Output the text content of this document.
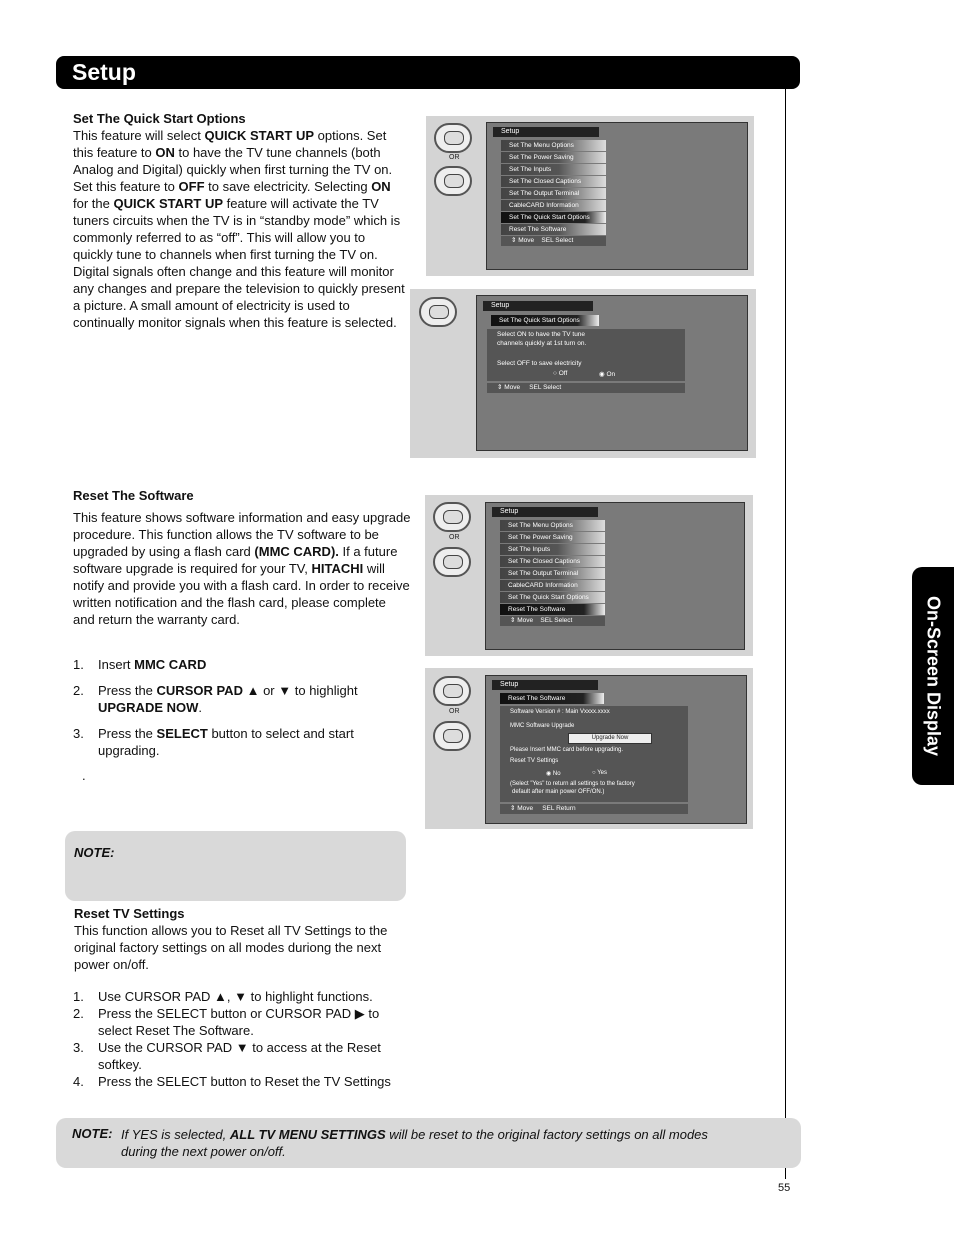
Setup
On-Screen Display
Set The Quick Start Options
This feature will select QUICK START UP options. Set this feature to ON to have the TV tune channels (both Analog and Digital) quickly when first turning the TV on. Set this feature to OFF to save electricity. Selecting ON for the QUICK START UP feature will activate the TV tuners circuits when the TV is in “standby mode” which is commonly referred to as “off”. This will allow you to quickly tune to channels when first turning the TV on. Digital signals often change and this feature will monitor any changes and prepare the television to quickly present a picture. A small amount of electricity is used to continually monitor signals when this feature is selected.
Reset The Software
This feature shows software information and easy upgrade procedure. This function allows the TV software to be upgraded by using a flash card (MMC CARD). If a future software upgrade is required for your TV, HITACHI will notify and provide you with a flash card. In order to receive written notification and the flash card, please complete and return the warranty card.
1. Insert MMC CARD
2. Press the CURSOR PAD ▲ or ▼ to highlight UPGRADE NOW.
3. Press the SELECT button to select and start upgrading.
.
NOTE:
Reset TV Settings
This function allows you to Reset all TV Settings to the original factory settings on all modes duriong the next power on/off.
1. Use CURSOR PAD ▲, ▼ to highlight functions.
2. Press the SELECT button or CURSOR PAD ▶ to select Reset The Software.
3. Use the CURSOR PAD ▼ to access at the Reset softkey.
4. Press the SELECT button to Reset the TV Settings
NOTE: If YES is selected, ALL TV MENU SETTINGS will be reset to the original factory settings on all modes during the next power on/off.
55
OR
Setup
Set The Menu Options
Set The Power Saving
Set The Inputs
Set The Closed Captions
Set The Output Terminal
CableCARD Information
Set The Quick Start Options
Reset The Software
⇕ Move SEL Select
Setup
Set The Quick Start Options
Select ON to have the TV tune
channels quickly at 1st turn on.
Select OFF to save electricity
○ Off	◉ On
⇕ Move SEL Select
OR
Setup
Set The Menu Options
Set The Power Saving
Set The Inputs
Set The Closed Captions
Set The Output Terminal
CableCARD Information
Set The Quick Start Options
Reset The Software
⇕ Move SEL Select
OR
Setup
Reset The Software
Software Version # : Main Vxxxx.xxxx
MMC Software Upgrade
Upgrade Now
Please Insert MMC card before upgrading.
Reset TV Settings
◉ No	○ Yes
(Select "Yes" to return all settings to the factory
default after main power OFF/ON.)
⇕ Move SEL Return
